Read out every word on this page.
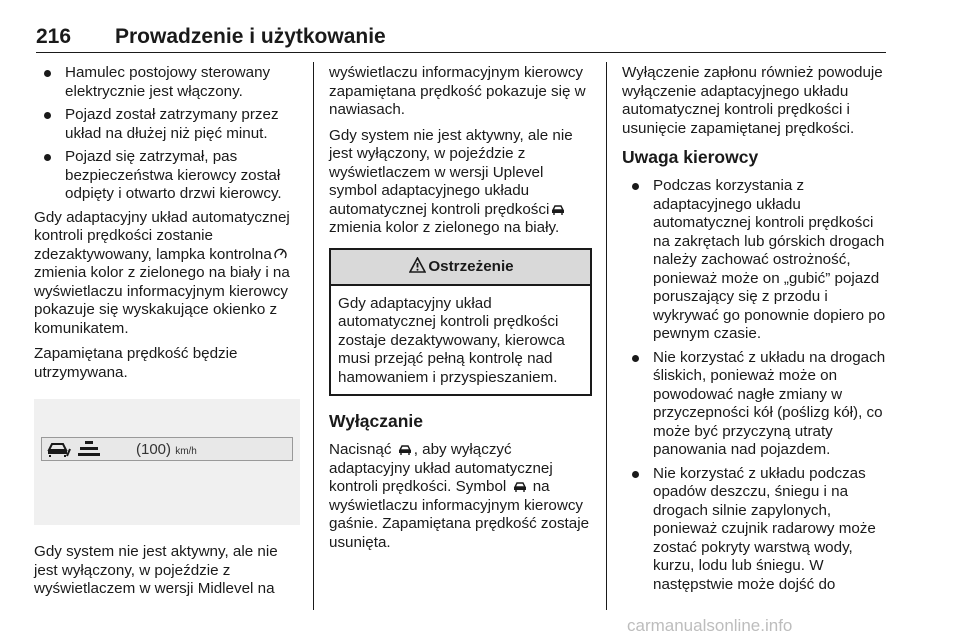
216 Prowadzenie i użytkowanie
Hamulec postojowy sterowany elektrycznie jest włączony.
Pojazd został zatrzymany przez układ na dłużej niż pięć minut.
Pojazd się zatrzymał, pas bezpieczeństwa kierowcy został odpięty i otwarto drzwi kierowcy.

Gdy adaptacyjny układ automatycznej kontroli prędkości zostanie zdezaktywowany, lampka kontrolnazmienia kolor z zielonego na biały i na wyświetlaczu informacyjnym kierowcy pokazuje się wyskakujące okienko z komunikatem.

Zapamiętana prędkość będzie utrzymywana.

(100) km/h

Gdy system nie jest aktywny, ale nie jest wyłączony, w pojeździe z wyświetlaczem w wersji Midlevel na

wyświetlaczu informacyjnym kierowcy zapamiętana prędkość pokazuje się w nawiasach.

Gdy system nie jest aktywny, ale nie jest wyłączony, w pojeździe z wyświetlaczem w wersji Uplevel symbol adaptacyjnego układu automatycznej kontroli prędkościzmienia kolor z zielonego na biały.

Ostrzeżenie
Gdy adaptacyjny układ automatycznej kontroli prędkości zostaje dezaktywowany, kierowca musi przejąć pełną kontrolę nad hamowaniem i przyspieszaniem.
Wyłączanie

Nacisnąć , aby wyłączyć adaptacyjny układ automatycznej kontroli prędkości. Symbol na wyświetlaczu informacyjnym kierowcy gaśnie. Zapamiętana prędkość zostaje usunięta.

Wyłączenie zapłonu również powoduje wyłączenie adaptacyjnego układu automatycznej kontroli prędkości i usunięcie zapamiętanej prędkości.

Uwaga kierowcy
Podczas korzystania z adaptacyjnego układu automatycznej kontroli prędkości na zakrętach lub górskich drogach należy zachować ostrożność, ponieważ może on „gubić” pojazd poruszający się z przodu i wykrywać go ponownie dopiero po pewnym czasie.
Nie korzystać z układu na drogach śliskich, ponieważ może on powodować nagłe zmiany w przyczepności kół (poślizg kół), co może być przyczyną utraty panowania nad pojazdem.
Nie korzystać z układu podczas opadów deszczu, śniegu i na drogach silnie zapylonych, ponieważ czujnik radarowy może zostać pokryty warstwą wody, kurzu, lodu lub śniegu. W następstwie może dojść do
carmanualsonline.info
